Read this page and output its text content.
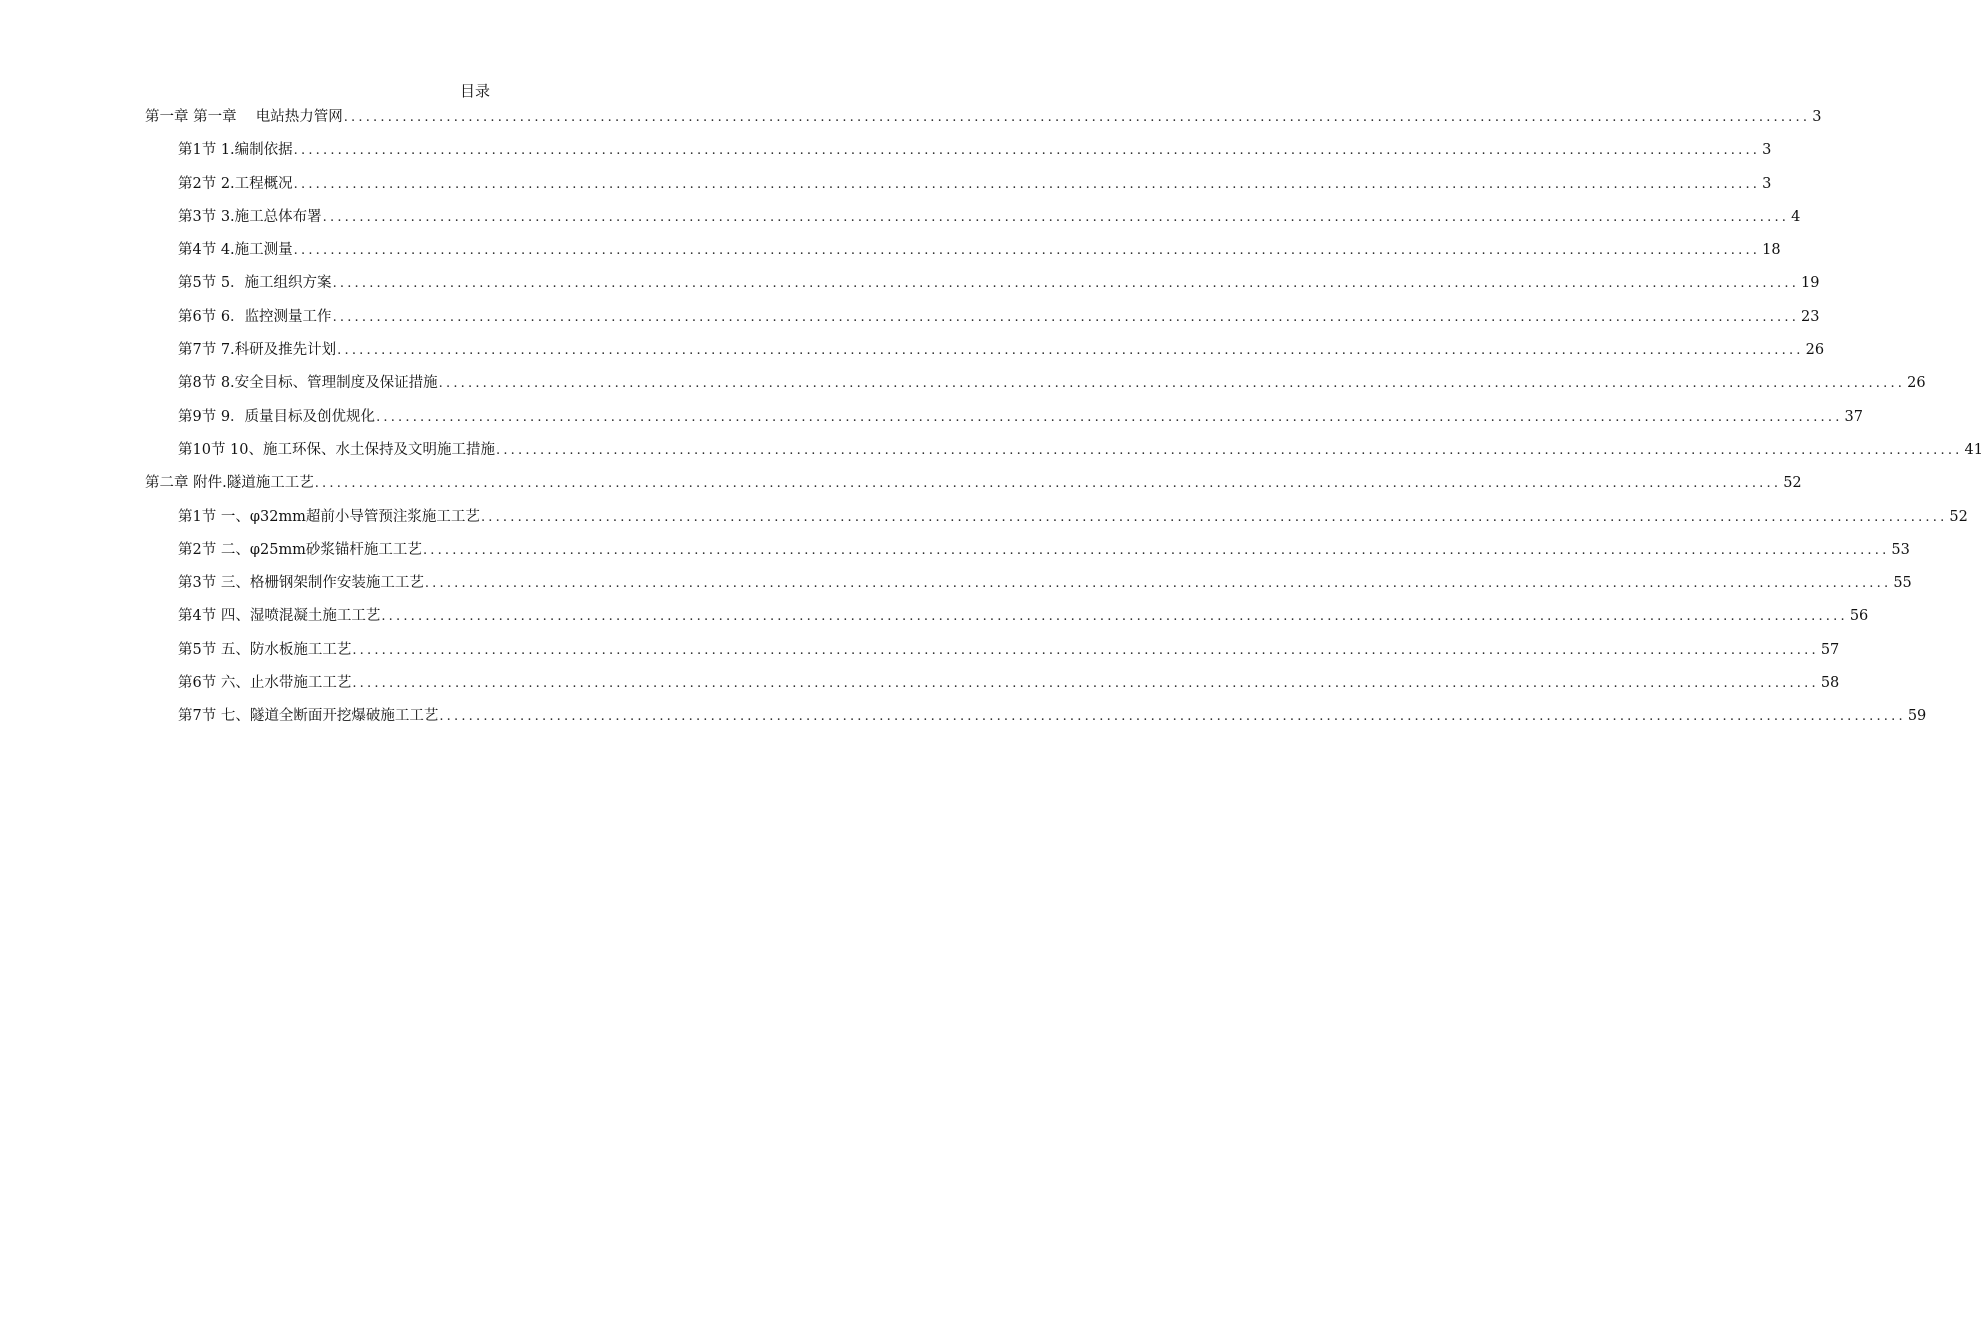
目录
第一章 第一章　 电站热力管网 ........................................................................................................................................................................................................ 3
第1节 1.编制依据 ........................................................................................................................................................................................................ 3
第2节 2.工程概况 ........................................................................................................................................................................................................ 3
第3节 3.施工总体布署 ........................................................................................................................................................................................................ 4
第4节 4.施工测量 ........................................................................................................................................................................................................ 18
第5节 5．施工组织方案 ........................................................................................................................................................................................................ 19
第6节 6．监控测量工作 ........................................................................................................................................................................................................ 23
第7节 7.科研及推先计划 ........................................................................................................................................................................................................ 26
第8节 8.安全目标、管理制度及保证措施 ........................................................................................................................................................................................................ 26
第9节 9．质量目标及创优规化 ........................................................................................................................................................................................................ 37
第10节 10、施工环保、水土保持及文明施工措施 ........................................................................................................................................................................................................ 41
第二章 附件.隧道施工工艺 ........................................................................................................................................................................................................ 52
第1节 一、φ32mm超前小导管预注浆施工工艺 ........................................................................................................................................................................................................ 52
第2节 二、φ25mm砂浆锚杆施工工艺 ........................................................................................................................................................................................................ 53
第3节 三、格栅钢架制作安装施工工艺 ........................................................................................................................................................................................................ 55
第4节 四、湿喷混凝土施工工艺 ........................................................................................................................................................................................................ 56
第5节 五、防水板施工工艺 ........................................................................................................................................................................................................ 57
第6节 六、止水带施工工艺 ........................................................................................................................................................................................................ 58
第7节 七、隧道全断面开挖爆破施工工艺 ........................................................................................................................................................................................................ 59
